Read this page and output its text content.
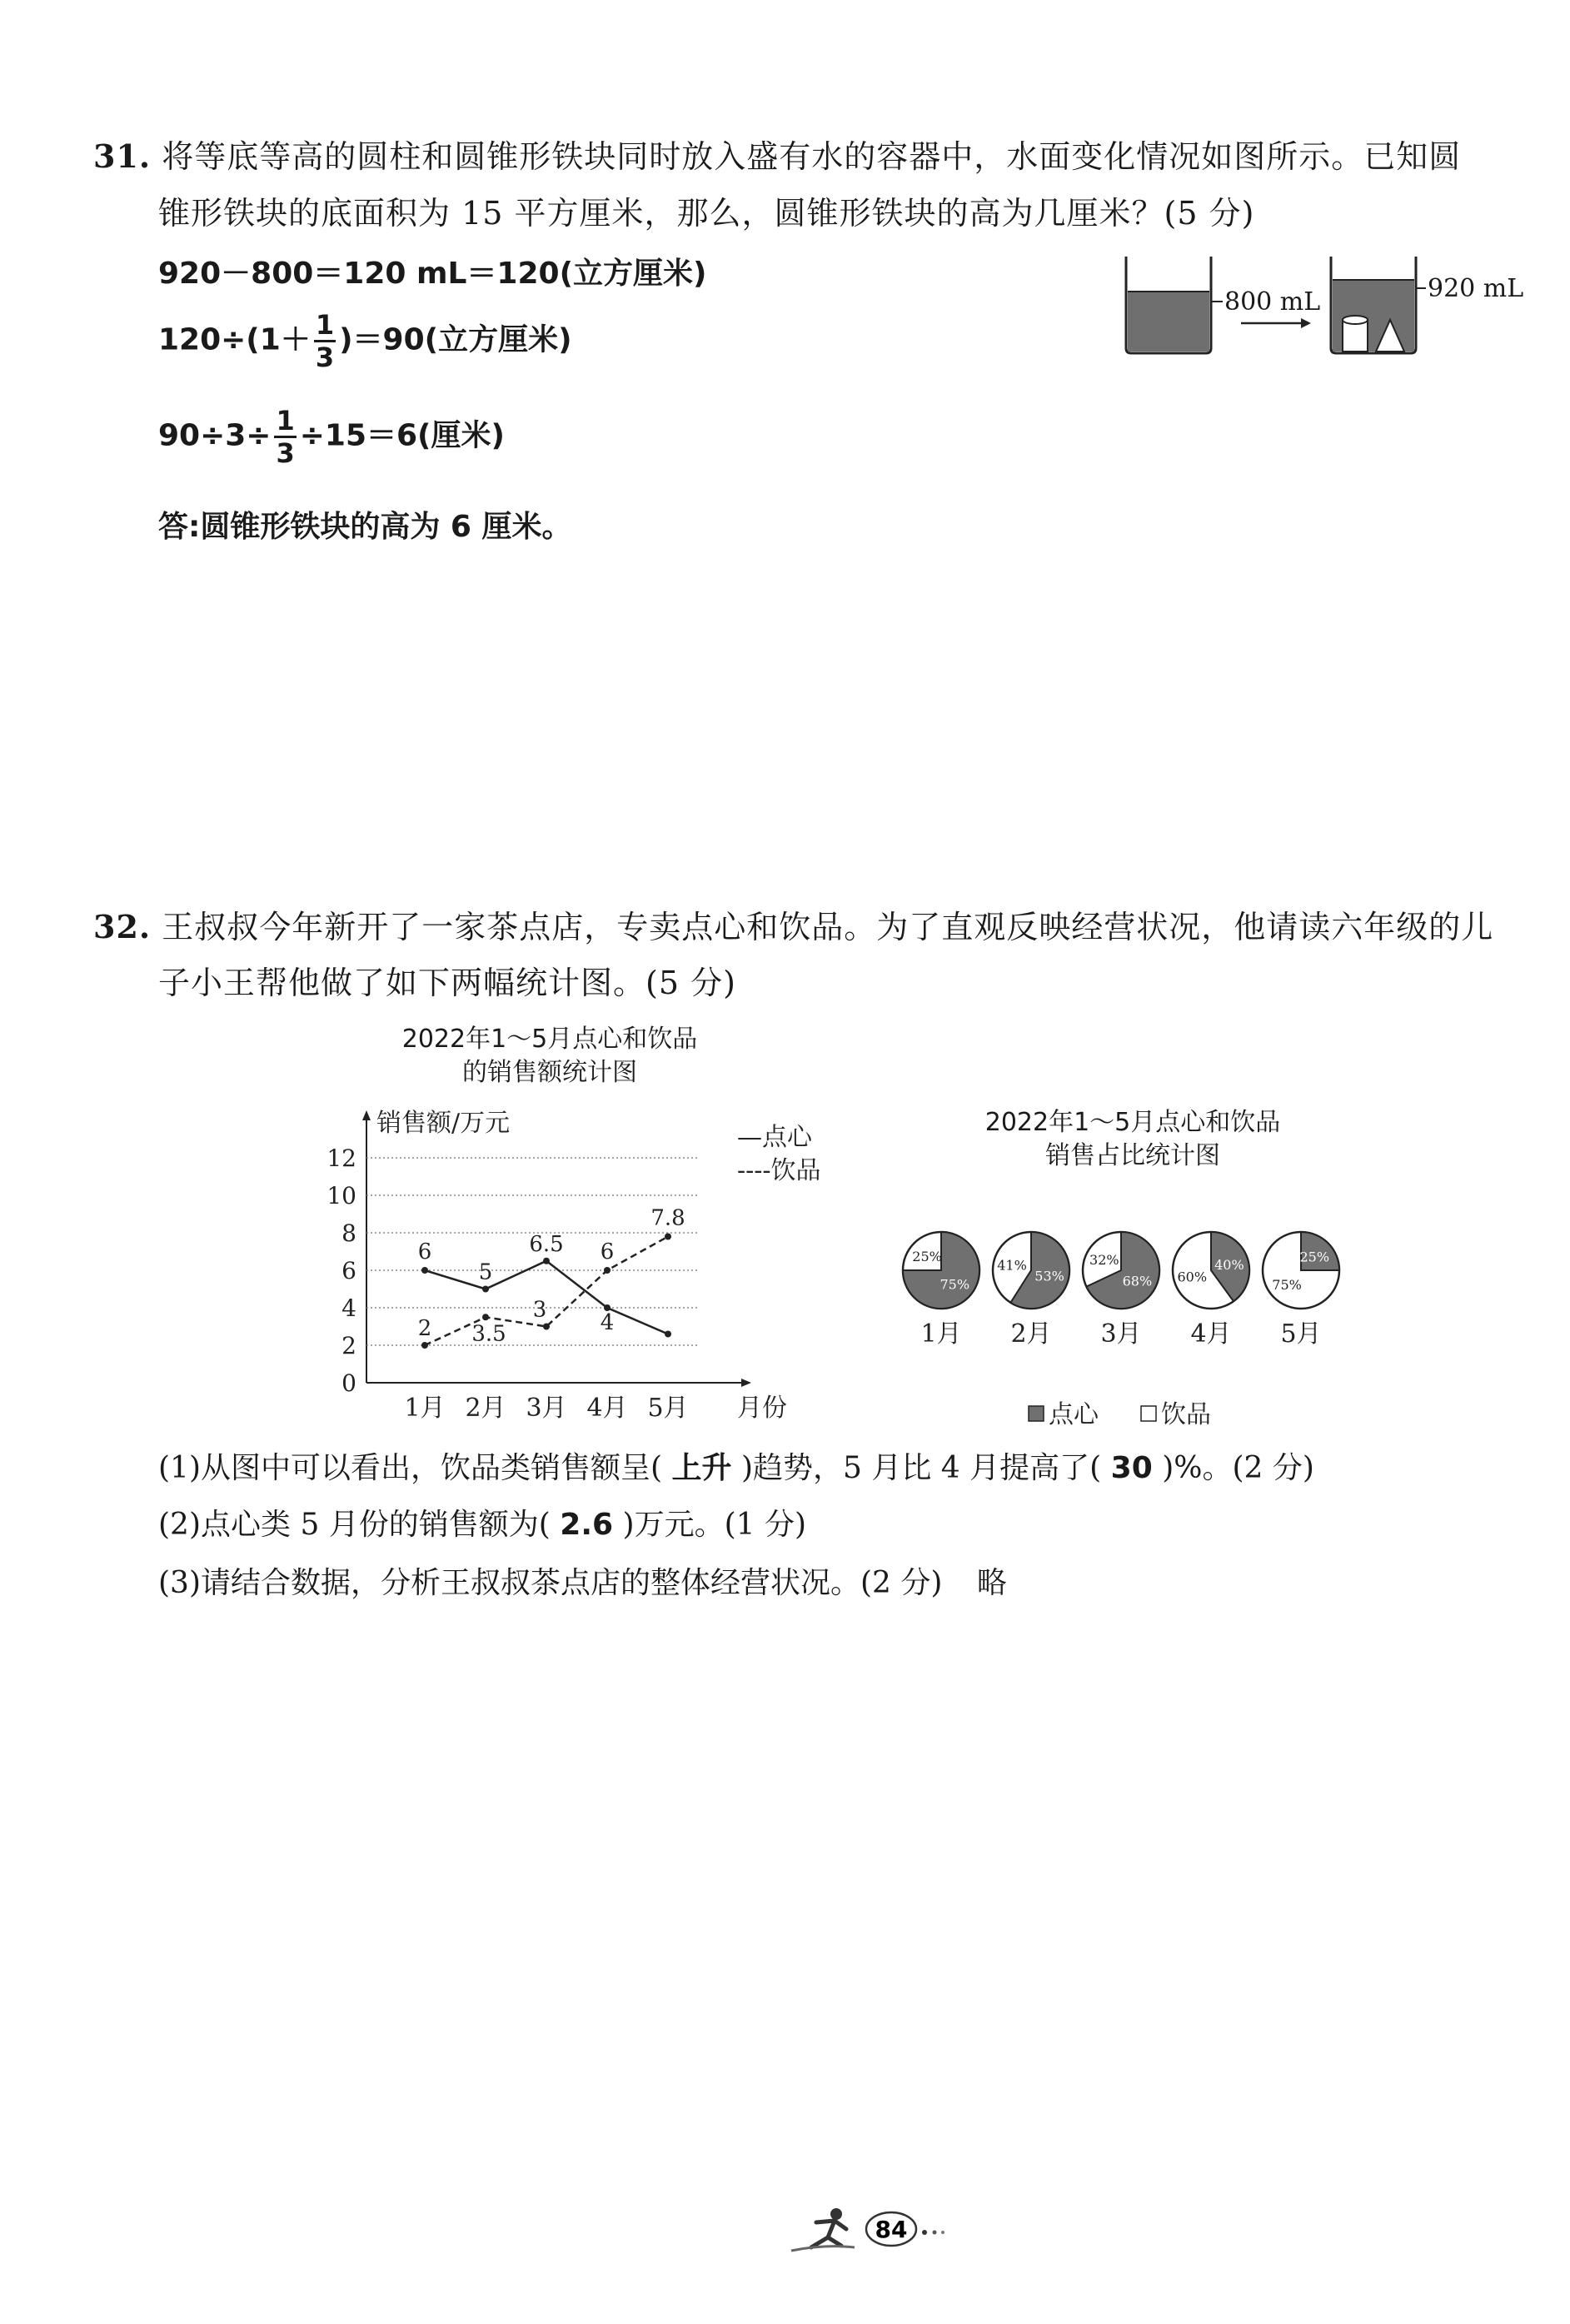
31. 将等底等高的圆柱和圆锥形铁块同时放入盛有水的容器中，水面变化情况如图所示。已知圆
锥形铁块的底面积为 15 平方厘米，那么，圆锥形铁块的高为几厘米？(5 分)
920－800＝120 mL＝120(立方厘米)
$120\div(1+ \frac{1}{3} )=90$(立方厘米)
$90\div 3\div \frac{1}{3} \div 15=6$(厘米)
答:圆锥形铁块的高为 6 厘米。
800 mL	920 mL
32. 王叔叔今年新开了一家茶点店，专卖点心和饮品。为了直观反映经营状况，他请读六年级的儿
子小王帮他做了如下两幅统计图。(5 分)
2022年1～5月点心和饮品
的销售额统计图
销售额/万元
0
2
4
6
8
10
12
1月 2月 3月 4月 5月 月份
6
5
6.5
4
2 3.5
3
6
7.8
—点心
----饮品
2022年1～5月点心和饮品
销售占比统计图
75%
25%
1月
53%
41%
2月
68%
32%
3月
40%
60%
4月
25%
75%
5月
点心	饮品
(1)从图中可以看出，饮品类销售额呈( 上升 )趋势，5 月比 4 月提高了( 30 )%。(2 分)
(2)点心类 5 月份的销售额为( 2.6 )万元。(1 分)
(3)请结合数据，分析王叔叔茶点店的整体经营状况。(2 分) 略
84
